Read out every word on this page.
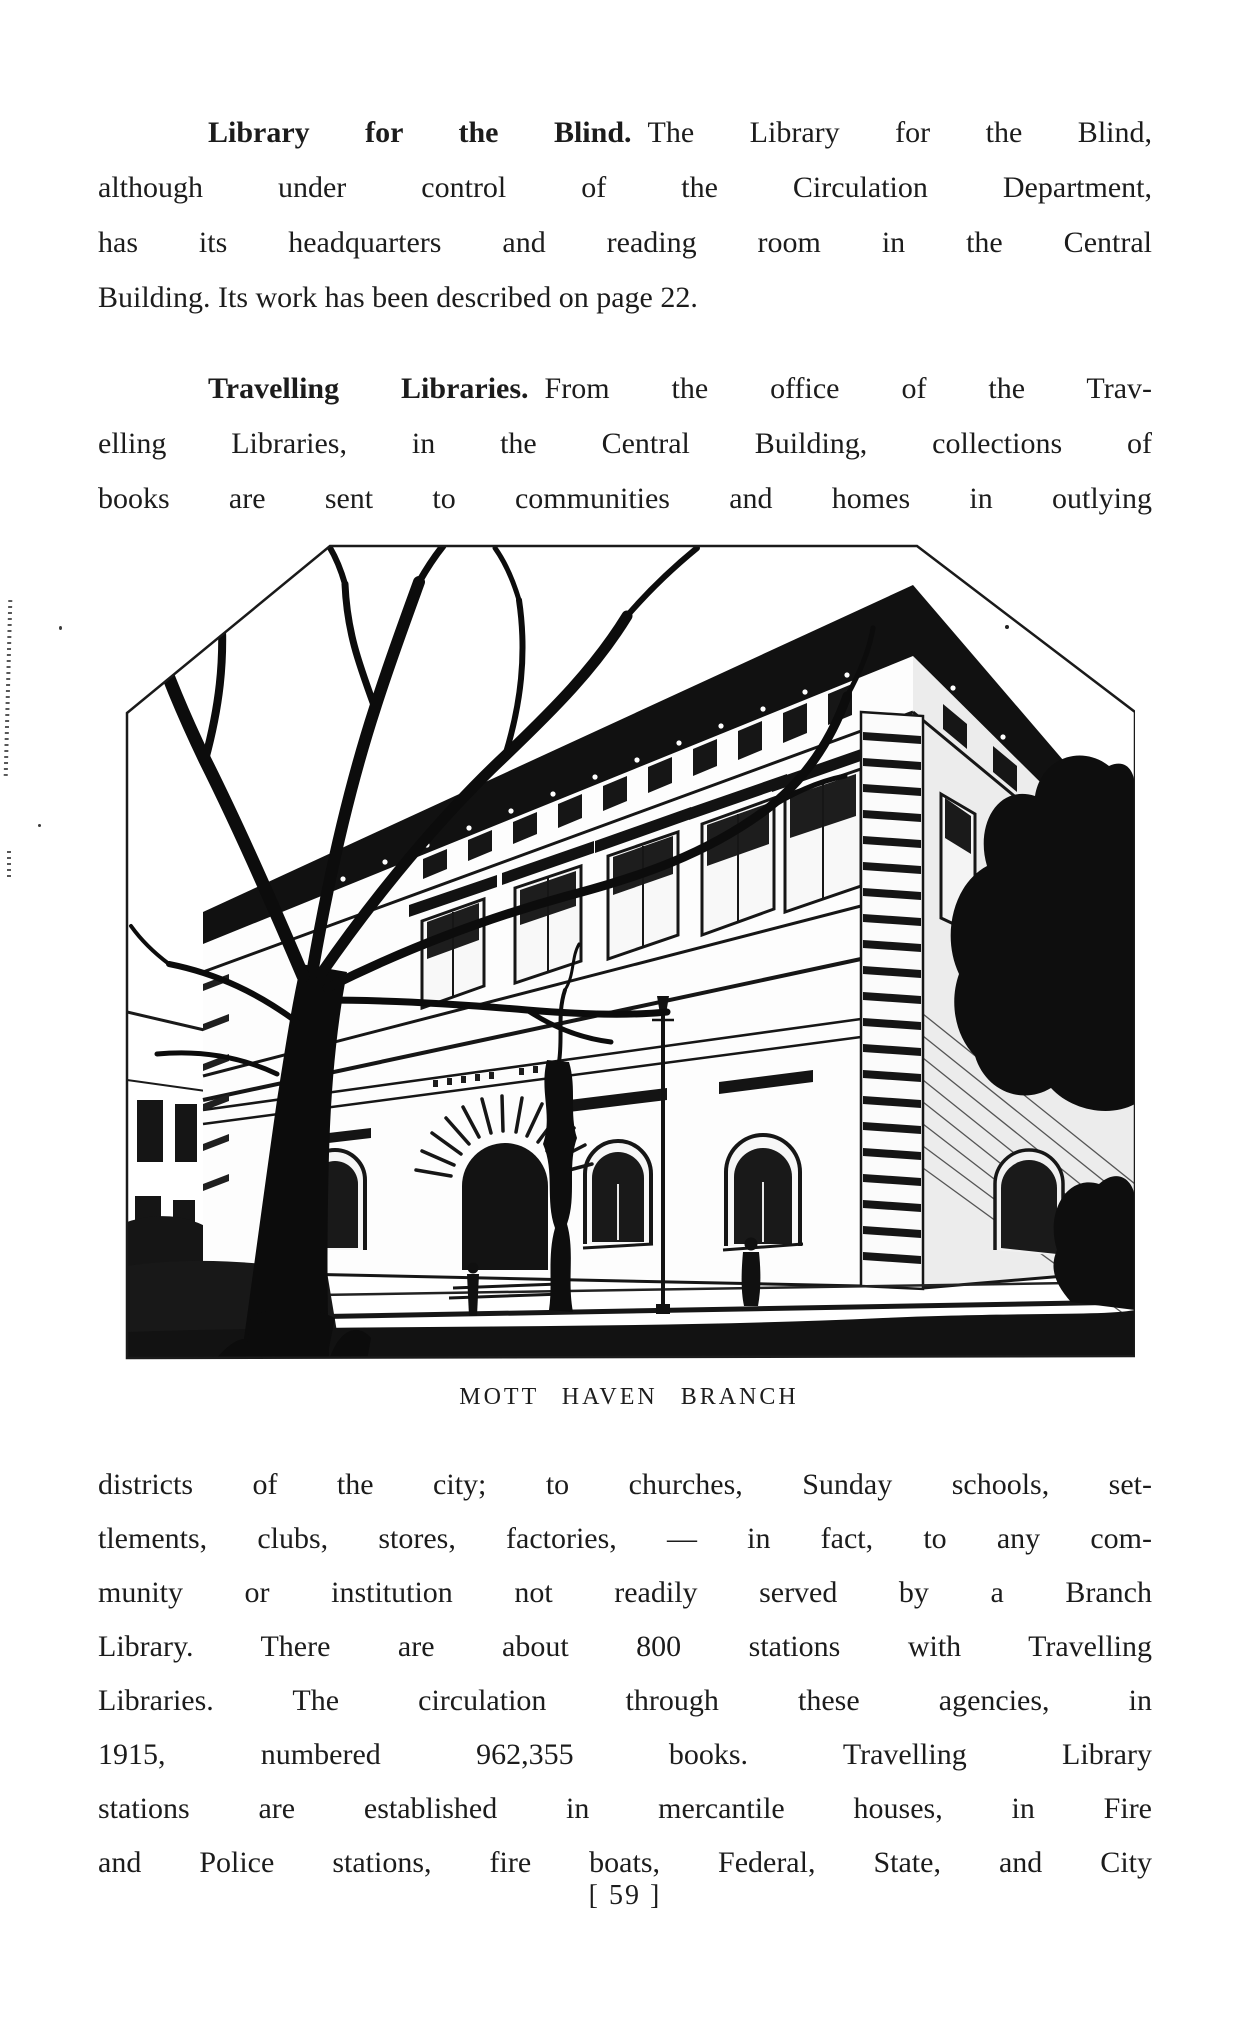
Library for the Blind. The Library for the Blind,
although under control of the Circulation Department,
has its headquarters and reading room in the Central
Building. Its work has been described on page 22.

Travelling Libraries. From the office of the Trav-
elling Libraries, in the Central Building, collections of
books are sent to communities and homes in outlying

MOTT HAVEN BRANCH

districts of the city; to churches, Sunday schools, set-
tlements, clubs, stores, factories, — in fact, to any com-
munity or institution not readily served by a Branch
Library. There are about 800 stations with Travelling
Libraries. The circulation through these agencies, in
1915, numbered 962,355 books. Travelling Library
stations are established in mercantile houses, in Fire
and Police stations, fire boats, Federal, State, and City

[ 59 ]
